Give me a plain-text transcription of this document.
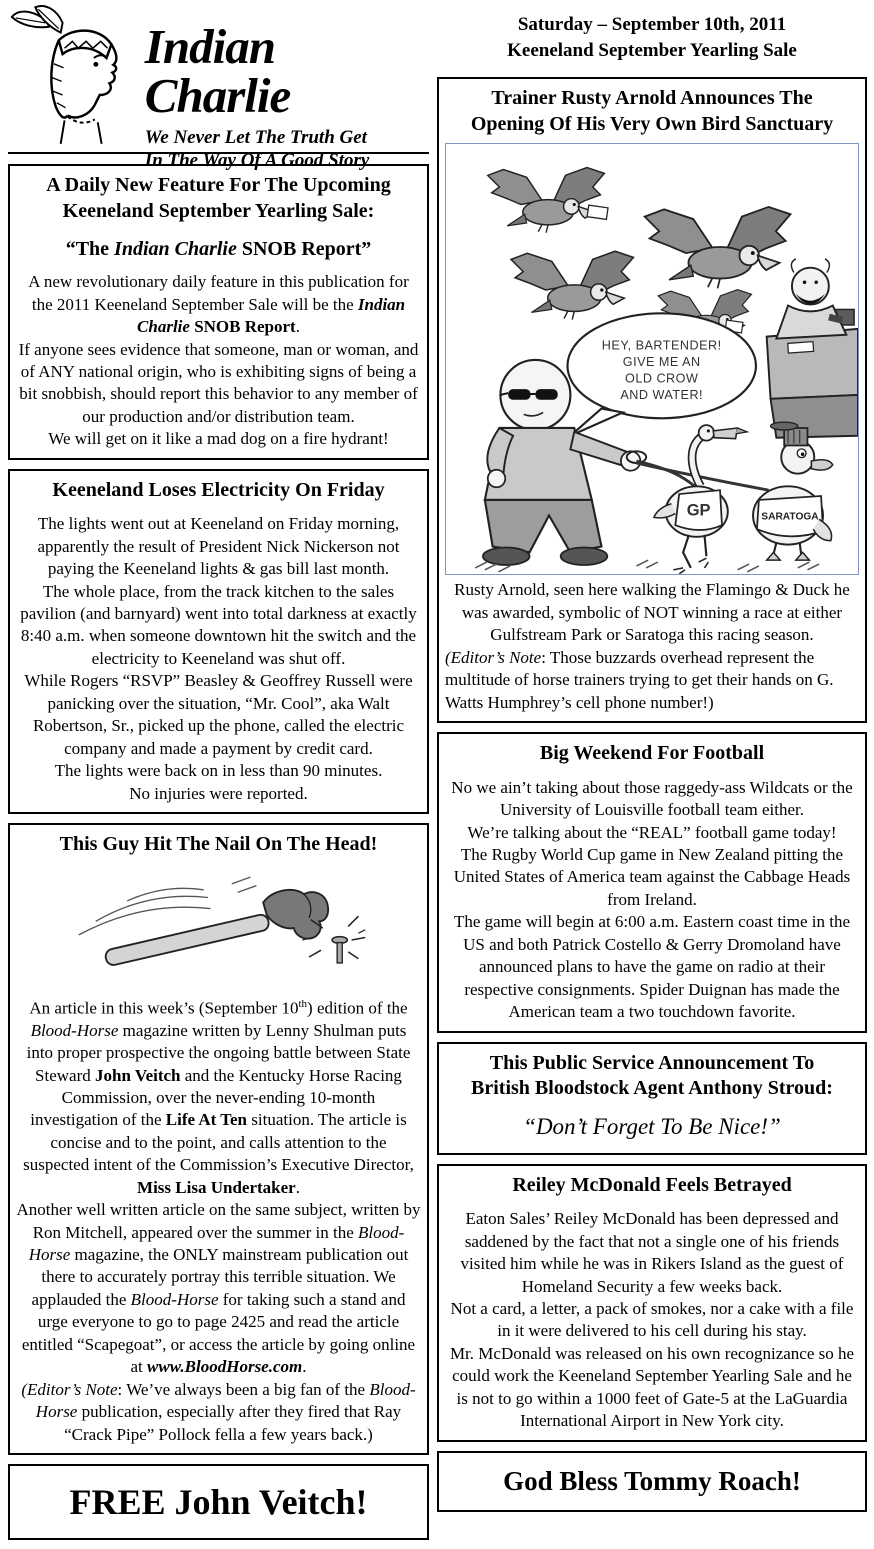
Indian Charlie
We Never Let The Truth Get
In The Way Of A Good Story
A Daily New Feature For The Upcoming
Keeneland September Yearling Sale:
“The Indian Charlie SNOB Report”

A new revolutionary daily feature in this publication for the 2011 Keeneland September Sale will be the Indian Charlie SNOB Report.

If anyone sees evidence that someone, man or woman, and of ANY national origin, who is exhibiting signs of being a bit snobbish, should report this behavior to any member of our production and/or distribution team.

We will get on it like a mad dog on a fire hydrant!

Keeneland Loses Electricity On Friday

The lights went out at Keeneland on Friday morning, apparently the result of President Nick Nickerson not paying the Keeneland lights & gas bill last month.

The whole place, from the track kitchen to the sales pavilion (and barnyard) went into total darkness at exactly 8:40 a.m. when someone downtown hit the switch and the electricity to Keeneland was shut off.

While Rogers “RSVP” Beasley & Geoffrey Russell were panicking over the situation, “Mr. Cool”, aka Walt Robertson, Sr., picked up the phone, called the electric company and made a payment by credit card.

The lights were back on in less than 90 minutes.

No injuries were reported.

This Guy Hit The Nail On The Head!

An article in this week’s (September 10th) edition of the Blood-Horse magazine written by Lenny Shulman puts into proper prospective the ongoing battle between State Steward John Veitch and the Kentucky Horse Racing Commission, over the never-ending 10-month investigation of the Life At Ten situation. The article is concise and to the point, and calls attention to the suspected intent of the Commission’s Executive Director, Miss Lisa Undertaker.

Another well written article on the same subject, written by Ron Mitchell, appeared over the summer in the Blood-Horse magazine, the ONLY mainstream publication out there to accurately portray this terrible situation. We applauded the Blood-Horse for taking such a stand and urge everyone to go to page 2425 and read the article entitled “Scapegoat”, or access the article by going online at www.BloodHorse.com.

(Editor’s Note: We’ve always been a big fan of the Blood-Horse publication, especially after they fired that Ray “Crack Pipe” Pollock fella a few years back.)

FREE John Veitch!
Saturday – September 10th, 2011
Keeneland September Yearling Sale
Trainer Rusty Arnold Announces The
Opening Of His Very Own Bird Sanctuary
HEY, BARTENDER!
GIVE ME AN
OLD CROW
AND WATER!
GP	SARATOGA

Rusty Arnold, seen here walking the Flamingo & Duck he was awarded, symbolic of NOT winning a race at either Gulfstream Park or Saratoga this racing season.

(Editor’s Note: Those buzzards overhead represent the multitude of horse trainers trying to get their hands on G. Watts Humphrey’s cell phone number!)

Big Weekend For Football

No we ain’t taking about those raggedy-ass Wildcats or the University of Louisville football team either.

We’re talking about the “REAL” football game today!

The Rugby World Cup game in New Zealand pitting the United States of America team against the Cabbage Heads from Ireland.

The game will begin at 6:00 a.m. Eastern coast time in the US and both Patrick Costello & Gerry Dromoland have announced plans to have the game on radio at their respective consignments. Spider Duignan has made the American team a two touchdown favorite.

This Public Service Announcement To
British Bloodstock Agent Anthony Stroud:
“Don’t Forget To Be Nice!”
Reiley McDonald Feels Betrayed

Eaton Sales’ Reiley McDonald has been depressed and saddened by the fact that not a single one of his friends visited him while he was in Rikers Island as the guest of Homeland Security a few weeks back.

Not a card, a letter, a pack of smokes, nor a cake with a file in it were delivered to his cell during his stay.

Mr. McDonald was released on his own recognizance so he could work the Keeneland September Yearling Sale and he is not to go within a 1000 feet of Gate-5 at the LaGuardia International Airport in New York city.

God Bless Tommy Roach!
